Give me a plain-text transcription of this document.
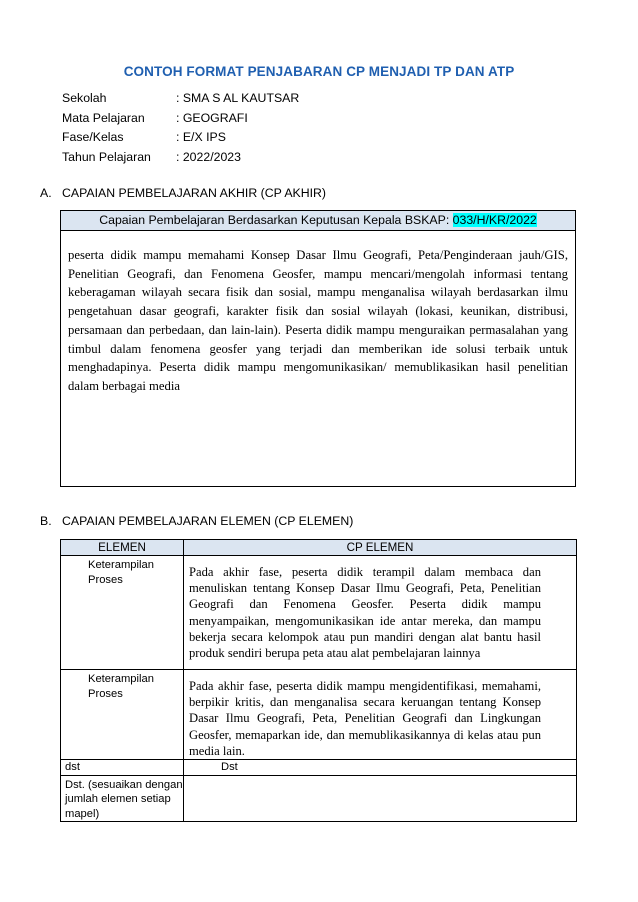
CONTOH FORMAT PENJABARAN CP MENJADI TP DAN ATP
Sekolah	: SMA S AL KAUTSAR
Mata Pelajaran	: GEOGRAFI
Fase/Kelas	: E/X IPS
Tahun Pelajaran	: 2022/2023
A. CAPAIAN PEMBELAJARAN AKHIR (CP AKHIR)
Capaian Pembelajaran Berdasarkan Keputusan Kepala BSKAP: 033/H/KR/2022
peserta didik mampu memahami Konsep Dasar Ilmu Geografi, Peta/Penginderaan jauh/GIS, Penelitian Geografi, dan Fenomena Geosfer, mampu mencari/mengolah informasi tentang keberagaman wilayah secara fisik dan sosial, mampu menganalisa wilayah berdasarkan ilmu pengetahuan dasar geografi, karakter fisik dan sosial wilayah (lokasi, keunikan, distribusi, persamaan dan perbedaan, dan lain-lain). Peserta didik mampu menguraikan permasalahan yang timbul dalam fenomena geosfer yang terjadi dan memberikan ide solusi terbaik untuk menghadapinya. Peserta didik mampu mengomunikasikan/ memublikasikan hasil penelitian dalam berbagai media
B. CAPAIAN PEMBELAJARAN ELEMEN (CP ELEMEN)
ELEMEN	CP ELEMEN
Keterampilan Proses	Pada akhir fase, peserta didik terampil dalam membaca dan menuliskan tentang Konsep Dasar Ilmu Geografi, Peta, Penelitian Geografi dan Fenomena Geosfer. Peserta didik mampu menyampaikan, mengomunikasikan ide antar mereka, dan mampu bekerja secara kelompok atau pun mandiri dengan alat bantu hasil produk sendiri berupa peta atau alat pembelajaran lainnya
Keterampilan Proses	Pada akhir fase, peserta didik mampu mengidentifikasi, memahami, berpikir kritis, dan menganalisa secara keruangan tentang Konsep Dasar Ilmu Geografi, Peta, Penelitian Geografi dan Lingkungan Geosfer, memaparkan ide, dan memublikasikannya di kelas atau pun media lain.
dst	Dst
Dst. (sesuaikan dengan jumlah elemen setiap mapel)	
